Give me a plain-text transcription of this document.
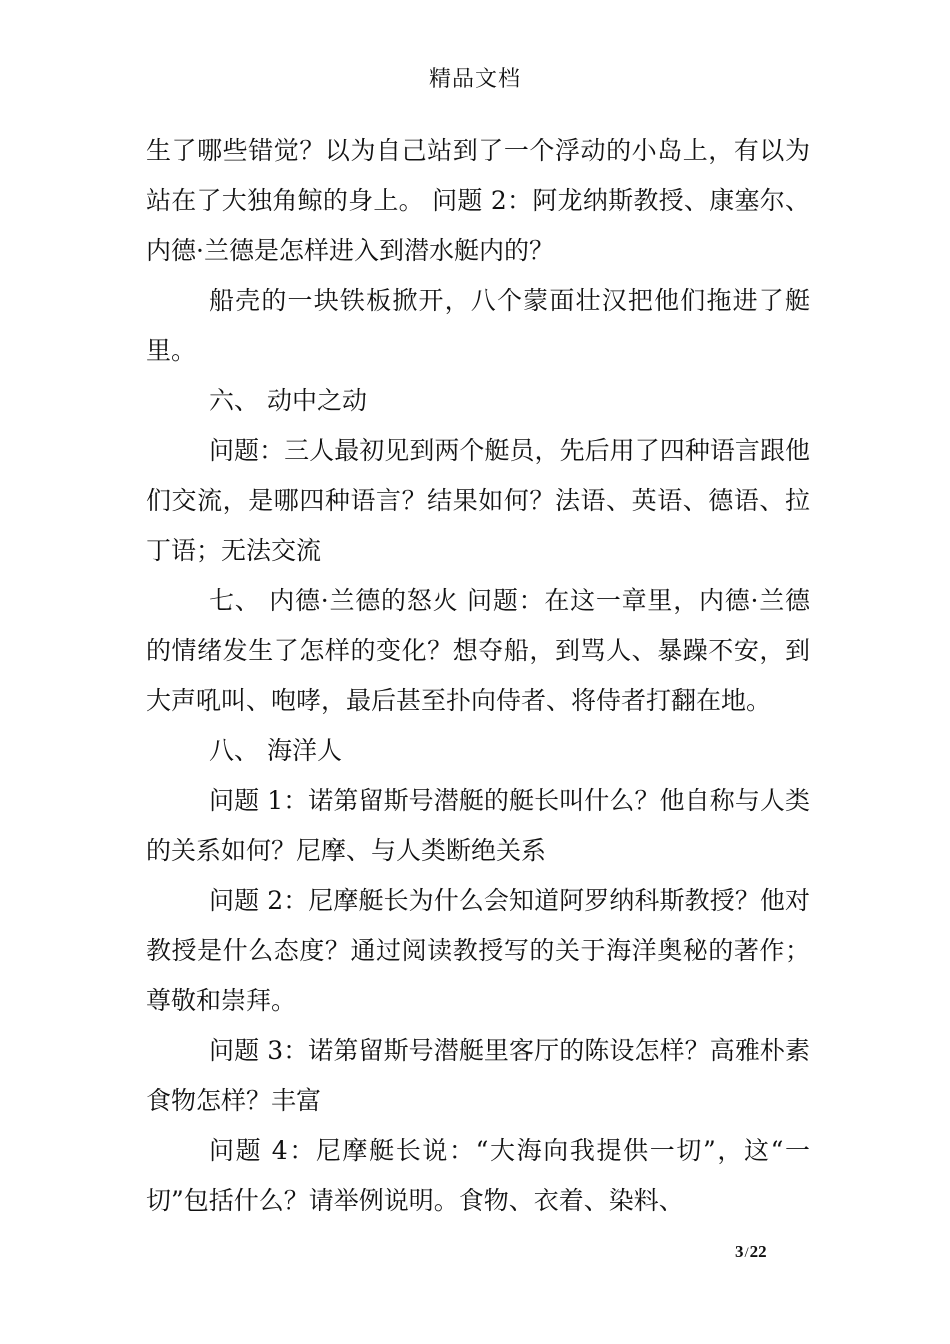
精品文档

生了哪些错觉？以为自己站到了一个浮动的小岛上，有以为站在了大独角鲸的身上。 问题 2：阿龙纳斯教授、康塞尔、内德·兰德是怎样进入到潜水艇内的？

船壳的一块铁板掀开，八个蒙面壮汉把他们拖进了艇里。

六、 动中之动

问题：三人最初见到两个艇员，先后用了四种语言跟他们交流，是哪四种语言？结果如何？法语、英语、德语、拉丁语；无法交流

七、 内德·兰德的怒火 问题：在这一章里，内德·兰德的情绪发生了怎样的变化？想夺船，到骂人、暴躁不安，到大声吼叫、咆哮，最后甚至扑向侍者、将侍者打翻在地。

八、 海洋人

问题 1：诺第留斯号潜艇的艇长叫什么？他自称与人类的关系如何？尼摩、与人类断绝关系

问题 2：尼摩艇长为什么会知道阿罗纳科斯教授？他对教授是什么态度？通过阅读教授写的关于海洋奥秘的著作；尊敬和崇拜。

问题 3：诺第留斯号潜艇里客厅的陈设怎样？高雅朴素食物怎样？丰富

问题 4：尼摩艇长说：“大海向我提供一切”，这“一切”包括什么？请举例说明。食物、衣着、染料、

3/22
